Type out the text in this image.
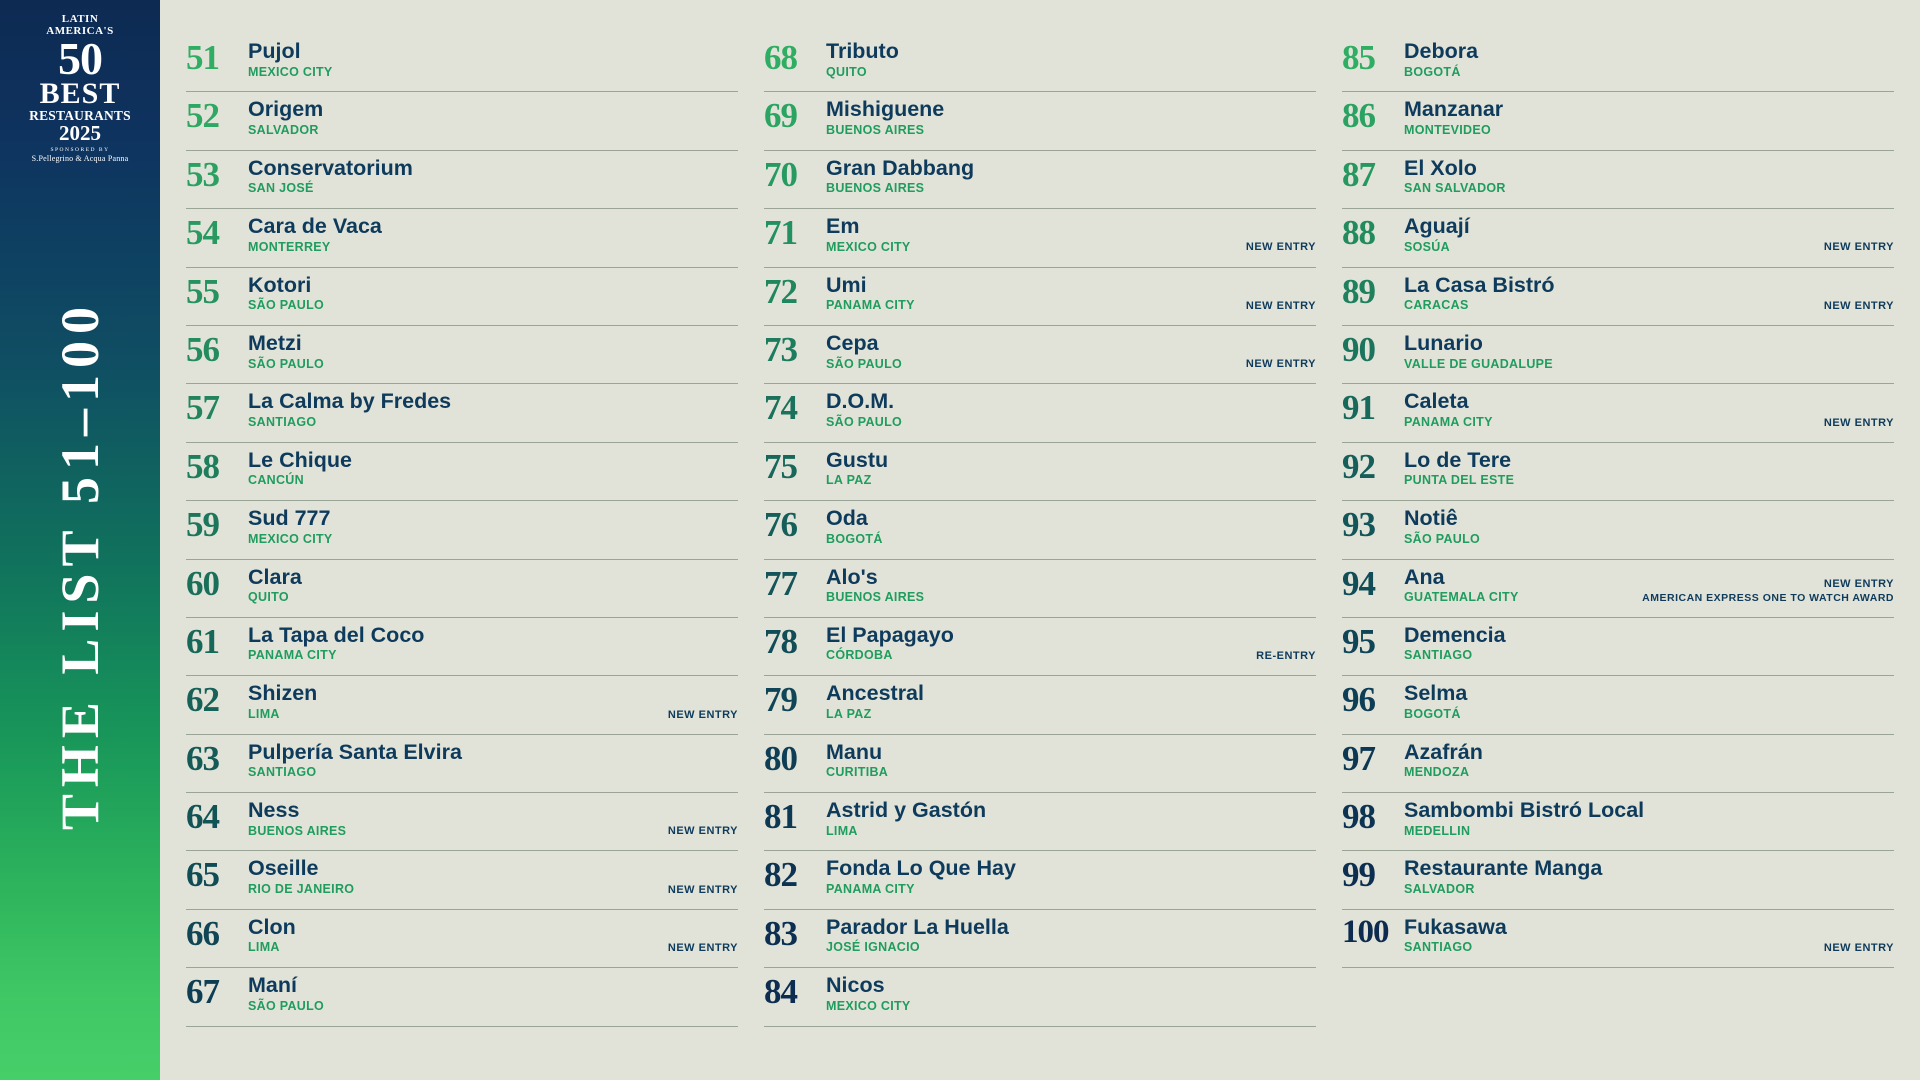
LATIN
AMERICA'S
50
BEST
RESTAURANTS
2025
SPONSORED BY
S.Pellegrino & Acqua Panna
THE LIST 51–100
51	Pujol
MEXICO CITY
52	Origem
SALVADOR
53	Conservatorium
SAN JOSÉ
54	Cara de Vaca
MONTERREY
55	Kotori
SÃO PAULO
56	Metzi
SÃO PAULO
57	La Calma by Fredes
SANTIAGO
58	Le Chique
CANCÚN
59	Sud 777
MEXICO CITY
60	Clara
QUITO
61	La Tapa del Coco
PANAMA CITY
62	Shizen
LIMA	NEW ENTRY
63	Pulpería Santa Elvira
SANTIAGO
64	Ness
BUENOS AIRES	NEW ENTRY
65	Oseille
RIO DE JANEIRO	NEW ENTRY
66	Clon
LIMA	NEW ENTRY
67	Maní
SÃO PAULO
68	Tributo
QUITO
69	Mishiguene
BUENOS AIRES
70	Gran Dabbang
BUENOS AIRES
71	Em
MEXICO CITY	NEW ENTRY
72	Umi
PANAMA CITY	NEW ENTRY
73	Cepa
SÃO PAULO	NEW ENTRY
74	D.O.M.
SÃO PAULO
75	Gustu
LA PAZ
76	Oda
BOGOTÁ
77	Alo's
BUENOS AIRES
78	El Papagayo
CÓRDOBA	RE-ENTRY
79	Ancestral
LA PAZ
80	Manu
CURITIBA
81	Astrid y Gastón
LIMA
82	Fonda Lo Que Hay
PANAMA CITY
83	Parador La Huella
JOSÉ IGNACIO
84	Nicos
MEXICO CITY
85	Debora
BOGOTÁ
86	Manzanar
MONTEVIDEO
87	El Xolo
SAN SALVADOR
88	Aguají
SOSÚA	NEW ENTRY
89	La Casa Bistró
CARACAS	NEW ENTRY
90	Lunario
VALLE DE GUADALUPE
91	Caleta
PANAMA CITY	NEW ENTRY
92	Lo de Tere
PUNTA DEL ESTE
93	Notiê
SÃO PAULO
94	Ana
GUATEMALA CITY
NEW ENTRY
AMERICAN EXPRESS ONE TO WATCH AWARD
95	Demencia
SANTIAGO
96	Selma
BOGOTÁ
97	Azafrán
MENDOZA
98	Sambombi Bistró Local
MEDELLIN
99	Restaurante Manga
SALVADOR
100 Fukasawa
SANTIAGO	NEW ENTRY
